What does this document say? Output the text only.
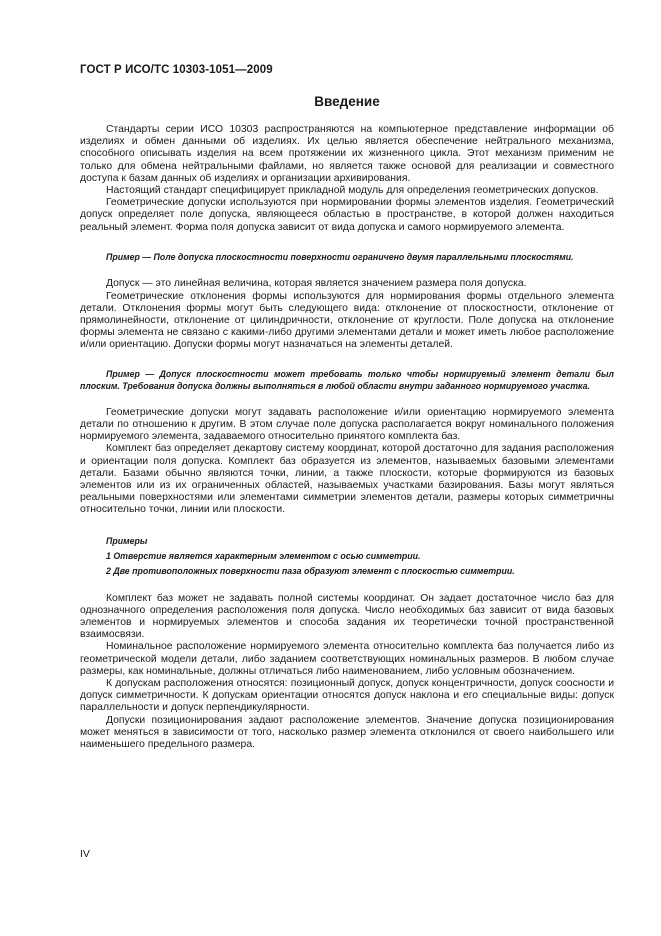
ГОСТ Р ИСО/ТС 10303-1051—2009
Введение

Стандарты серии ИСО 10303 распространяются на компьютерное представление информации об изделиях и обмен данными об изделиях. Их целью является обеспечение нейтрального механизма, способного описывать изделия на всем протяжении их жизненного цикла. Этот механизм применим не только для обмена нейтральными файлами, но является также основой для реализации и совместного доступа к базам данных об изделиях и организации архивирования.

Настоящий стандарт специфицирует прикладной модуль для определения геометрических допусков.

Геометрические допуски используются при нормировании формы элементов изделия. Геометрический допуск определяет поле допуска, являющееся областью в пространстве, в которой должен находиться реальный элемент. Форма поля допуска зависит от вида допуска и самого нормируемого элемента.

Пример — Поле допуска плоскостности поверхности ограничено двумя параллельными плоскостями.

Допуск — это линейная величина, которая является значением размера поля допуска.

Геометрические отклонения формы используются для нормирования формы отдельного элемента детали. Отклонения формы могут быть следующего вида: отклонение от плоскостности, отклонение от прямолинейности, отклонение от цилиндричности, отклонение от круглости. Поле допуска на отклонение формы элемента не связано с какими-либо другими элементами детали и может иметь любое расположение и/или ориентацию. Допуски формы могут назначаться на элементы деталей.

Пример — Допуск плоскостности может требовать только чтобы нормируемый элемент детали был плоским. Требования допуска должны выполняться в любой области внутри заданного нормируемого участка.

Геометрические допуски могут задавать расположение и/или ориентацию нормируемого элемента детали по отношению к другим. В этом случае поле допуска располагается вокруг номинального положения нормируемого элемента, задаваемого относительно принятого комплекта баз.

Комплект баз определяет декартову систему координат, которой достаточно для задания расположения и ориентации поля допуска. Комплект баз образуется из элементов, называемых базовыми элементами детали. Базами обычно являются точки, линии, а также плоскости, которые формируются из базовых элементов или из их ограниченных областей, называемых участками базирования. Базы могут являться реальными поверхностями или элементами симметрии элементов детали, размеры которых симметричны относительно точки, линии или плоскости.

Примеры
1 Отверстие является характерным элементом с осью симметрии.
2 Две противоположных поверхности паза образуют элемент с плоскостью симметрии.

Комплект баз может не задавать полной системы координат. Он задает достаточное число баз для однозначного определения расположения поля допуска. Число необходимых баз зависит от вида базовых элементов и нормируемых элементов и способа задания их теоретически точной пространственной взаимосвязи.

Номинальное расположение нормируемого элемента относительно комплекта баз получается либо из геометрической модели детали, либо заданием соответствующих номинальных размеров. В любом случае размеры, как номинальные, должны отличаться либо наименованием, либо условным обозначением.

К допускам расположения относятся: позиционный допуск, допуск концентричности, допуск соосности и допуск симметричности. К допускам ориентации относятся допуск наклона и его специальные виды: допуск параллельности и допуск перпендикулярности.

Допуски позиционирования задают расположение элементов. Значение допуска позиционирования может меняться в зависимости от того, насколько размер элемента отклонился от своего наибольшего или наименьшего предельного размера.

IV
